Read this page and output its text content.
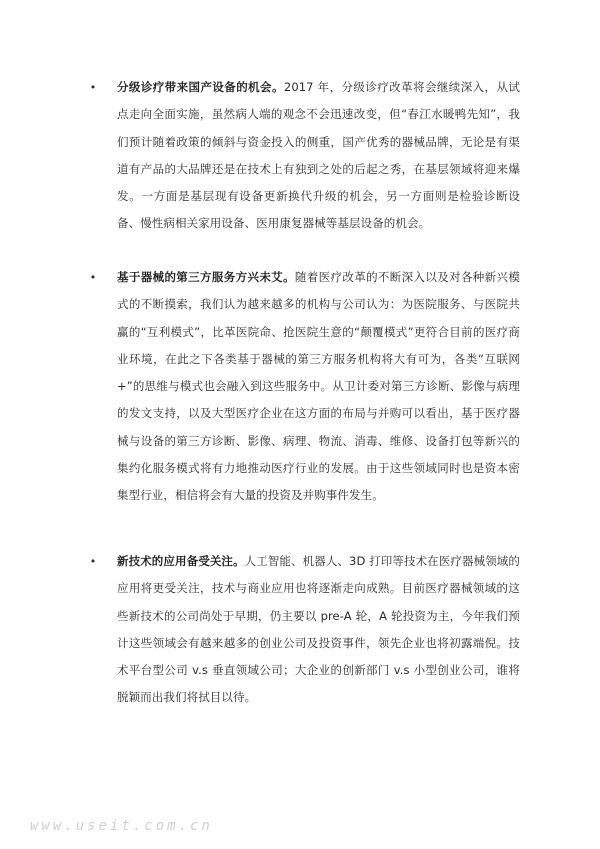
• 分级诊疗带来国产设备的机会。2017 年，分级诊疗改革将会继续深入，从试点走向全面实施，虽然病人端的观念不会迅速改变，但“春江水暖鸭先知”，我们预计随着政策的倾斜与资金投入的侧重，国产优秀的器械品牌，无论是有渠道有产品的大品牌还是在技术上有独到之处的后起之秀，在基层领域将迎来爆发。一方面是基层现有设备更新换代升级的机会，另一方面则是检验诊断设备、慢性病相关家用设备、医用康复器械等基层设备的机会。
• 基于器械的第三方服务方兴未艾。随着医疗改革的不断深入以及对各种新兴模式的不断摸索，我们认为越来越多的机构与公司认为：为医院服务、与医院共赢的“互利模式”，比革医院命、抢医院生意的“颠覆模式”更符合目前的医疗商业环境，在此之下各类基于器械的第三方服务机构将大有可为，各类“互联网+”的思维与模式也会融入到这些服务中。从卫计委对第三方诊断、影像与病理的发文支持，以及大型医疗企业在这方面的布局与并购可以看出，基于医疗器械与设备的第三方诊断、影像、病理、物流、消毒、维修、设备打包等新兴的集约化服务模式将有力地推动医疗行业的发展。由于这些领域同时也是资本密集型行业，相信将会有大量的投资及并购事件发生。
• 新技术的应用备受关注。人工智能、机器人、3D 打印等技术在医疗器械领域的应用将更受关注，技术与商业应用也将逐渐走向成熟。目前医疗器械领域的这些新技术的公司尚处于早期，仍主要以 pre-A 轮，A 轮投资为主，今年我们预计这些领域会有越来越多的创业公司及投资事件，领先企业也将初露端倪。技术平台型公司 v.s 垂直领域公司；大企业的创新部门 v.s 小型创业公司，谁将脱颖而出我们将拭目以待。
www.useit.com.cn
